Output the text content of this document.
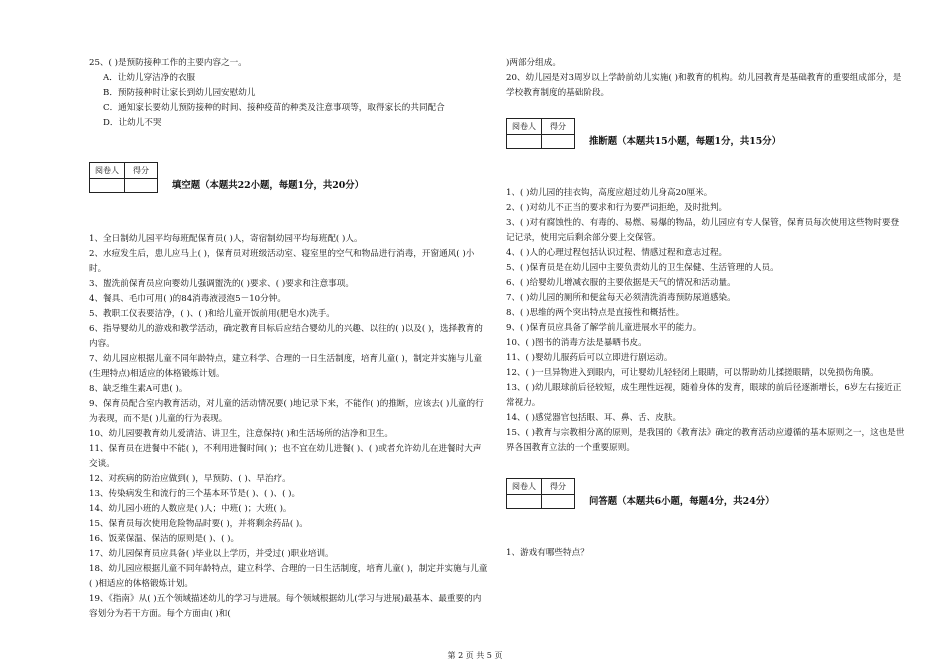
25、( )是预防接种工作的主要内容之一。
A．让幼儿穿洁净的衣服
B．预防接种时让家长到幼儿园安慰幼儿
C．通知家长要幼儿预防接种的时间、接种疫苗的种类及注意事项等，取得家长的共同配合
D．让幼儿不哭
阅卷人	得分

填空题（本题共22小题，每题1分，共20分）
1、全日制幼儿园平均每班配保育员( )人，寄宿制幼园平均每班配( )人。
2、水痘发生后，患儿应马上( )，保育员对班级活动室、寝室里的空气和物品进行消毒，开窗通风( )小时。
3、盥洗前保育员应向婴幼儿强调盥洗的( )要求、( )要求和注意事项。
4、餐具、毛巾可用( )的84消毒液浸泡5－10分钟。
5、教职工仪表要洁净，( )、( )和给儿童开饭前用(肥皂水)洗手。
6、指导婴幼儿的游戏和教学活动，确定教育目标后应结合婴幼儿的兴趣、以往的( )以及( )，选择教育的内容。
7、幼儿园应根据儿童不同年龄特点，建立科学、合理的一日生活制度，培育儿童( )，制定并实施与儿童(生理特点)相适应的体格锻炼计划。
8、缺乏维生素A可患( )。
9、保育员配合室内教育活动，对儿童的活动情况要( )地记录下来，不能作( )的推断，应该去( )儿童的行为表现，而不是( )儿童的行为表现。
10、幼儿园要教育幼儿爱清洁、讲卫生，注意保持( )和生活场所的洁净和卫生。
11、保育员在进餐中不能( )，不利用进餐时间( )；也不宜在幼儿进餐( )、( )或者允许幼儿在进餐时大声交谈。
12、对疾病的防治应做到( )，早预防、( )、早治疗。
13、传染病发生和流行的三个基本环节是( )、( )、( )。
14、幼儿园小班的人数应是( )人；中班( )；大班( )。
15、保育员每次使用危险物品时要( )，并将剩余药品( )。
16、饭菜保温、保洁的原则是( )、( )。
17、幼儿园保育员应具备( )毕业以上学历，并受过( )职业培训。
18、幼儿园应根据儿童不同年龄特点，建立科学、合理的一日生活制度，培育儿童( )，制定并实施与儿童( )相适应的体格锻炼计划。
19、《指南》从( )五个领域描述幼儿的学习与进展。每个领域根据幼儿(学习与进展)最基本、最重要的内容划分为若干方面。每个方面由( )和(
)两部分组成。
20、幼儿园是对3周岁以上学龄前幼儿实施( )和教育的机构。幼儿园教育是基础教育的重要组成部分，是学校教育制度的基础阶段。
阅卷人	得分

推断题（本题共15小题，每题1分，共15分）
1、( )幼儿园的挂衣钩，高度应超过幼儿身高20厘米。
2、( )对幼儿不正当的要求和行为要严词拒绝，及时批判。
3、( )对有腐蚀性的、有毒的、易燃、易爆的物品，幼儿园应有专人保管，保育员每次使用这些物时要登记记录，使用完后剩余部分要上交保管。
4、( )人的心理过程包括认识过程、情感过程和意志过程。
5、( )保育员是在幼儿园中主要负责幼儿的卫生保健、生活管理的人员。
6、( )给婴幼儿增减衣服的主要依据是天气的情况和活动量。
7、( )幼儿园的厕所和便盆每天必须清洗消毒预防尿道感染。
8、( )思维的两个突出特点是直接性和概括性。
9、( )保育员应具备了解学前儿童进展水平的能力。
10、( )图书的消毒方法是暴晒书皮。
11、( )婴幼儿服药后可以立即进行剧运动。
12、( )一旦异物进入到眼内，可让婴幼儿轻轻闭上眼睛，可以帮助幼儿揉搓眼睛，以免损伤角膜。
13、( )幼儿眼球前后径较短，成生理性远视，随着身体的发育，眼球的前后径逐渐增长，6岁左右接近正常视力。
14、( )感觉器官包括眼、耳、鼻、舌、皮肤。
15、( )教育与宗教相分离的原则，是我国的《教育法》确定的教育活动应遵循的基本原则之一，这也是世界各国教育立法的一个重要原则。
阅卷人	得分

问答题（本题共6小题，每题4分，共24分）
1、游戏有哪些特点？
第 2 页 共 5 页
